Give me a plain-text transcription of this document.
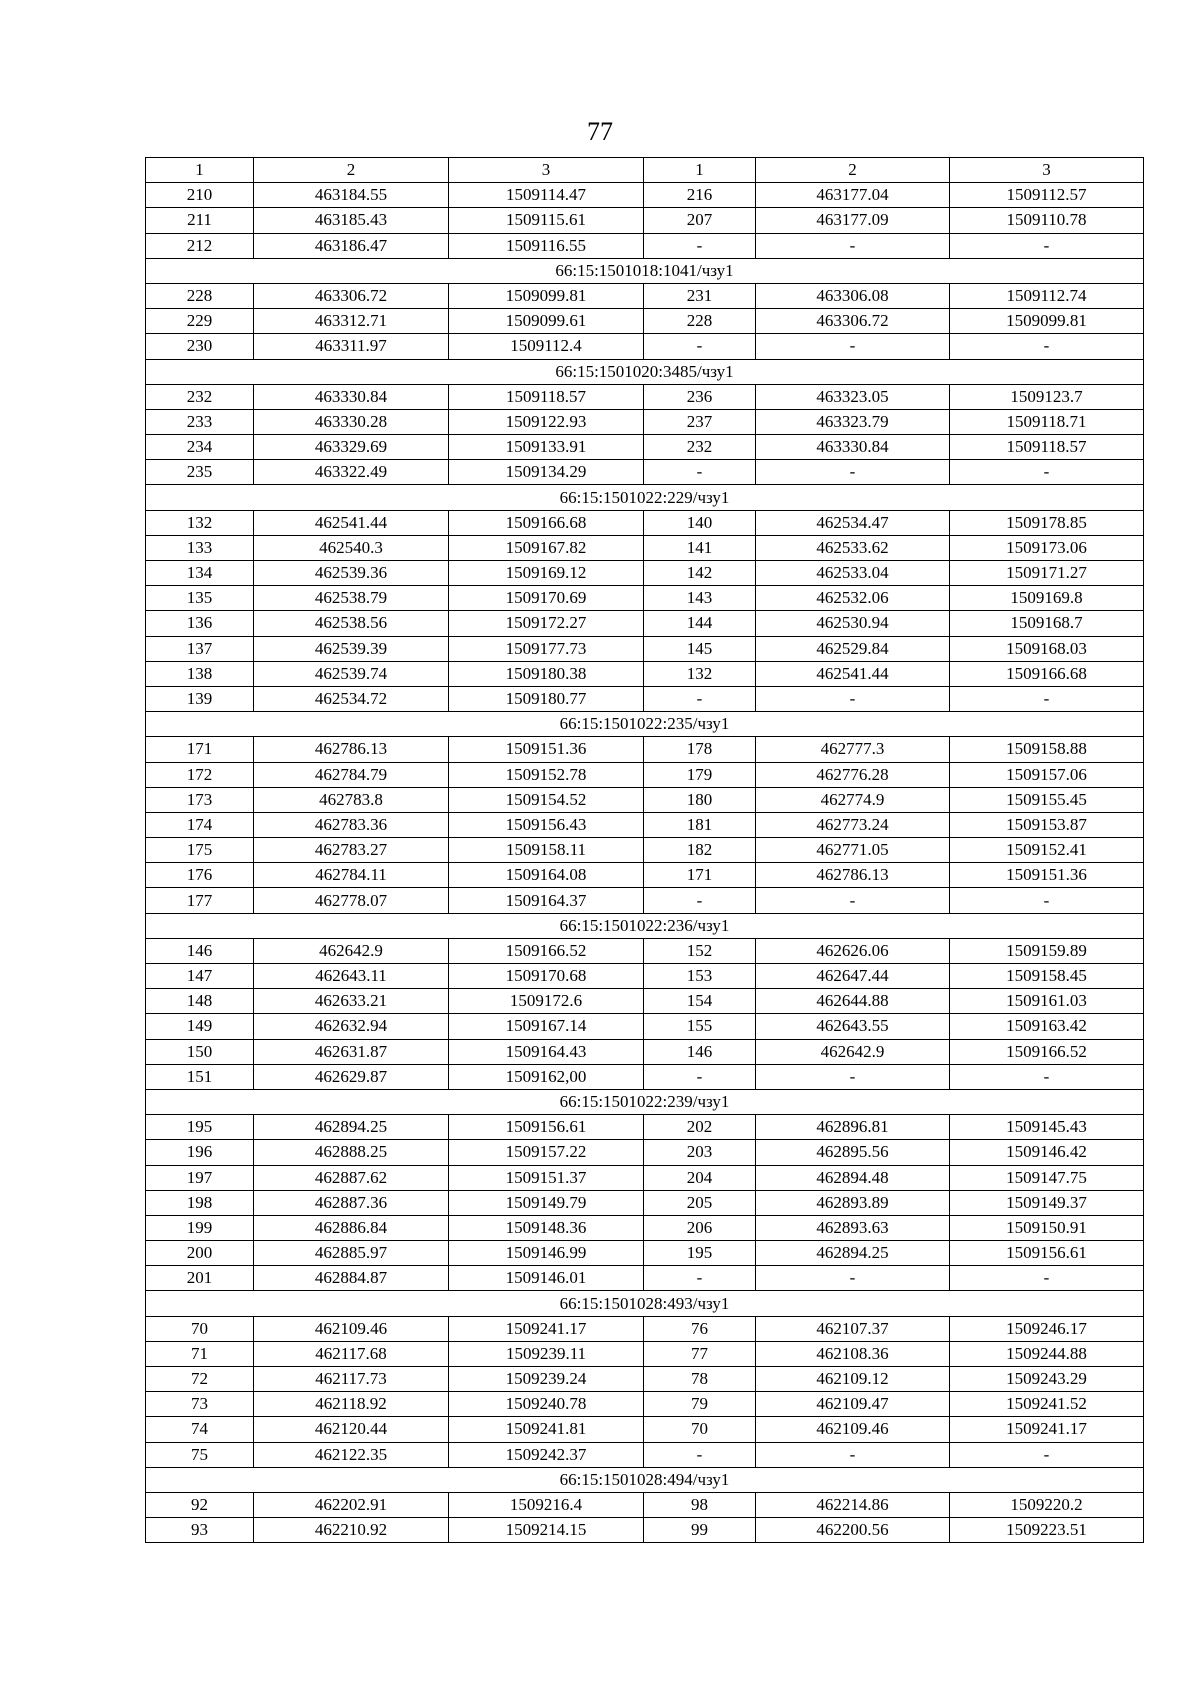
77
1	2	3	1	2	3
210	463184.55	1509114.47	216	463177.04	1509112.57
211	463185.43	1509115.61	207	463177.09	1509110.78
212	463186.47	1509116.55	-	-	-
66:15:1501018:1041/чзу1					
228	463306.72	1509099.81	231	463306.08	1509112.74
229	463312.71	1509099.61	228	463306.72	1509099.81
230	463311.97	1509112.4	-	-	-
66:15:1501020:3485/чзу1					
232	463330.84	1509118.57	236	463323.05	1509123.7
233	463330.28	1509122.93	237	463323.79	1509118.71
234	463329.69	1509133.91	232	463330.84	1509118.57
235	463322.49	1509134.29	-	-	-
66:15:1501022:229/чзу1					
132	462541.44	1509166.68	140	462534.47	1509178.85
133	462540.3	1509167.82	141	462533.62	1509173.06
134	462539.36	1509169.12	142	462533.04	1509171.27
135	462538.79	1509170.69	143	462532.06	1509169.8
136	462538.56	1509172.27	144	462530.94	1509168.7
137	462539.39	1509177.73	145	462529.84	1509168.03
138	462539.74	1509180.38	132	462541.44	1509166.68
139	462534.72	1509180.77	-	-	-
66:15:1501022:235/чзу1					
171	462786.13	1509151.36	178	462777.3	1509158.88
172	462784.79	1509152.78	179	462776.28	1509157.06
173	462783.8	1509154.52	180	462774.9	1509155.45
174	462783.36	1509156.43	181	462773.24	1509153.87
175	462783.27	1509158.11	182	462771.05	1509152.41
176	462784.11	1509164.08	171	462786.13	1509151.36
177	462778.07	1509164.37	-	-	-
66:15:1501022:236/чзу1					
146	462642.9	1509166.52	152	462626.06	1509159.89
147	462643.11	1509170.68	153	462647.44	1509158.45
148	462633.21	1509172.6	154	462644.88	1509161.03
149	462632.94	1509167.14	155	462643.55	1509163.42
150	462631.87	1509164.43	146	462642.9	1509166.52
151	462629.87	1509162,00	-	-	-
66:15:1501022:239/чзу1					
195	462894.25	1509156.61	202	462896.81	1509145.43
196	462888.25	1509157.22	203	462895.56	1509146.42
197	462887.62	1509151.37	204	462894.48	1509147.75
198	462887.36	1509149.79	205	462893.89	1509149.37
199	462886.84	1509148.36	206	462893.63	1509150.91
200	462885.97	1509146.99	195	462894.25	1509156.61
201	462884.87	1509146.01	-	-	-
66:15:1501028:493/чзу1					
70	462109.46	1509241.17	76	462107.37	1509246.17
71	462117.68	1509239.11	77	462108.36	1509244.88
72	462117.73	1509239.24	78	462109.12	1509243.29
73	462118.92	1509240.78	79	462109.47	1509241.52
74	462120.44	1509241.81	70	462109.46	1509241.17
75	462122.35	1509242.37	-	-	-
66:15:1501028:494/чзу1					
92	462202.91	1509216.4	98	462214.86	1509220.2
93	462210.92	1509214.15	99	462200.56	1509223.51
